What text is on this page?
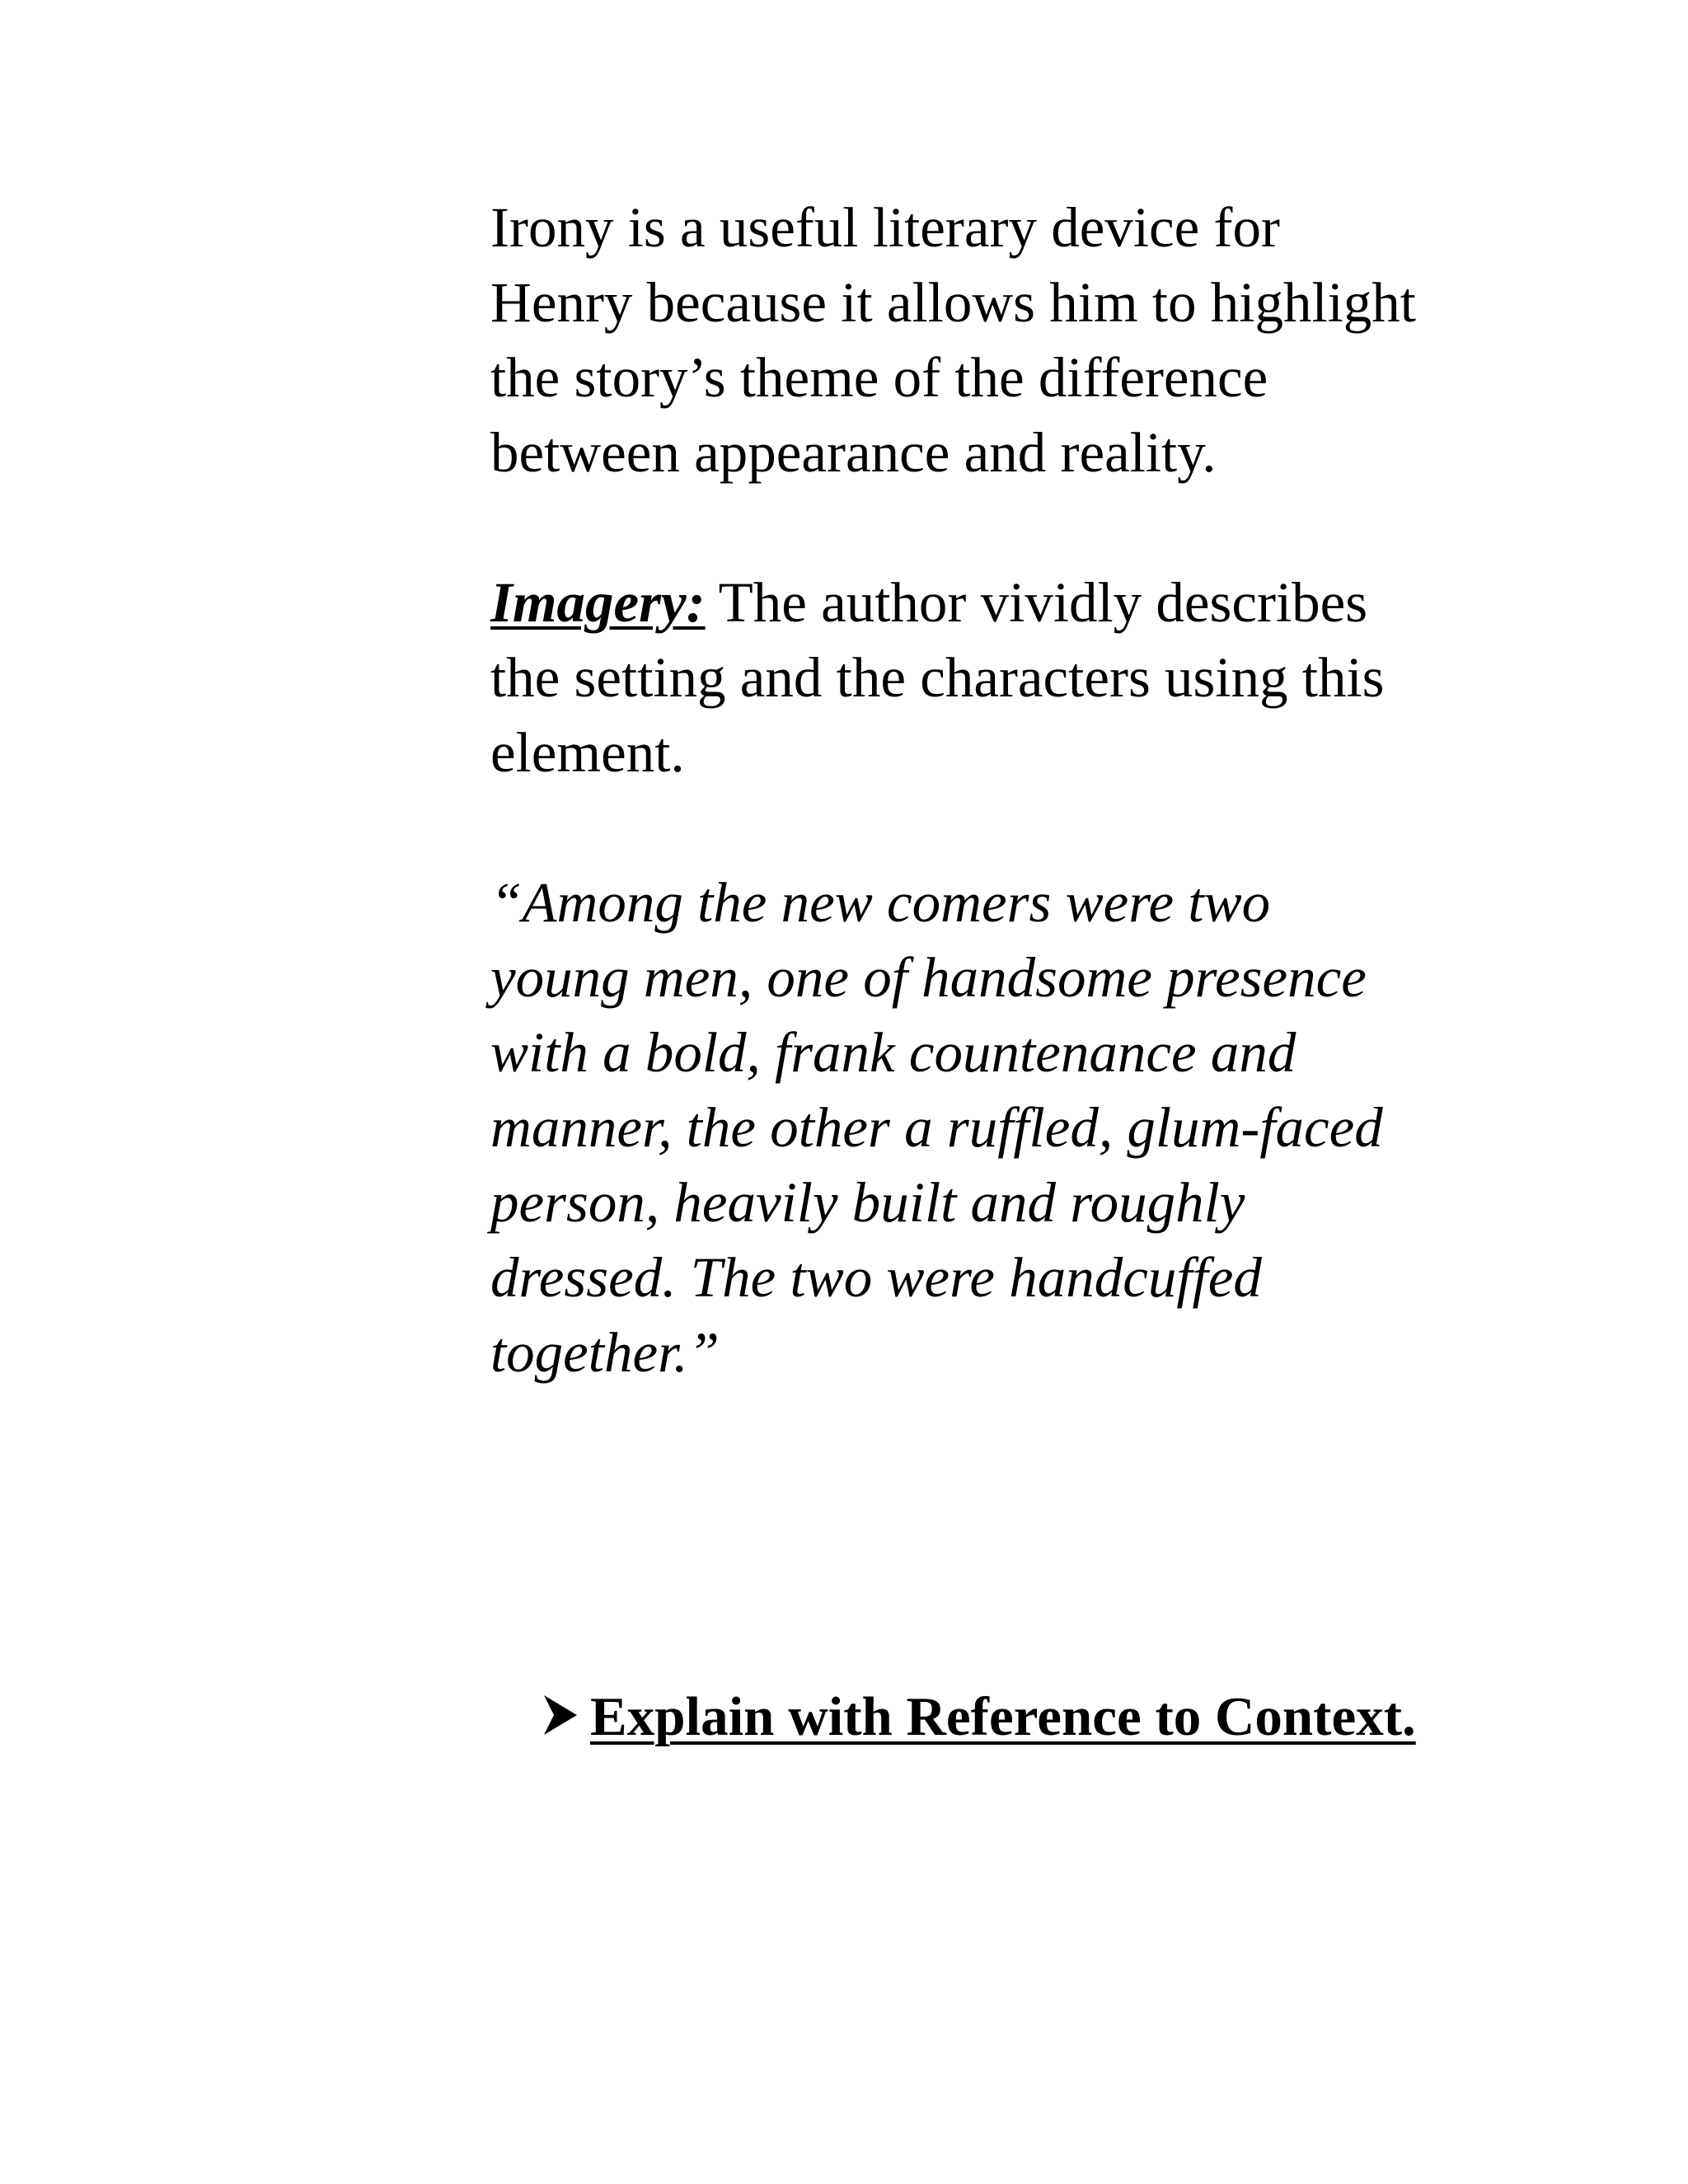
Irony is a useful literary device for
Henry because it allows him to highlight
the story’s theme of the difference
between appearance and reality.

Imagery: The author vividly describes
the setting and the characters using this
element.

“Among the new comers were two
young men, one of handsome presence
with a bold, frank countenance and
manner, the other a ruffled, glum-faced
person, heavily built and roughly
dressed. The two were handcuffed
together.”

Explain with Reference to Context.
